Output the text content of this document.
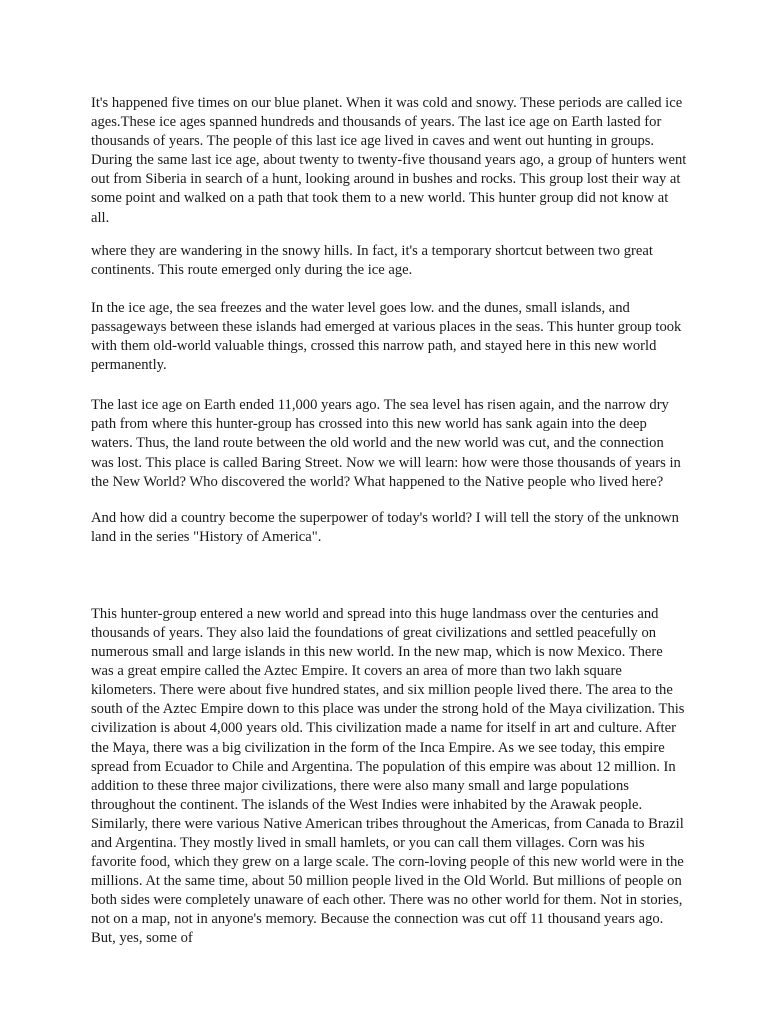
It's happened five times on our blue planet. When it was cold and snowy. These periods are called ice  ages.These ice ages spanned hundreds and thousands of years. The last ice age on Earth lasted for thousands of years. The people of this last ice age lived in caves and went out hunting in groups. During the same last ice age, about twenty to twenty-five thousand years ago, a group of hunters went out from Siberia in search of a hunt, looking around in bushes and rocks. This group lost their way at some point and walked on a path that took them to a new world. This hunter group did not know at all.

where they are wandering in the snowy hills. In fact, it's a temporary shortcut between two great continents. This route emerged only during the ice age.

In the ice age, the sea freezes and the water level goes low. and the dunes, small islands, and passageways between these islands had emerged at various places in the seas. This hunter group took with them old-world valuable things, crossed this narrow path, and stayed here in this new world permanently.

The last ice age on Earth ended 11,000 years ago. The sea level has risen again, and the narrow dry path from where this hunter-group has crossed into this new world has sank again into the deep waters. Thus, the land route between the old world and the new world was cut, and the connection was lost. This place is called Baring Street. Now we will learn: how were those thousands of years in the New World? Who discovered the world? What happened to the Native people who lived here?

And how did a country become the superpower of today's world? I will tell the story of the unknown land in the series "History of America".

This hunter-group entered a new world and spread into this huge landmass over the centuries and thousands of years. They also laid the foundations of great civilizations and settled peacefully on numerous small and large islands in this new world. In the new map, which is now Mexico. There was a great empire called the Aztec Empire. It covers an area of more than two lakh square kilometers. There were about five hundred states, and six million people lived there. The area to the south of the Aztec Empire down to this place was under the strong hold of the Maya civilization. This civilization is about 4,000 years old. This civilization made a name for itself in art and culture. After the Maya, there was a big civilization in the form of the Inca Empire. As we see today, this empire spread from Ecuador to Chile and Argentina. The population of this empire was about 12 million. In addition to these three major civilizations, there were also many small and large populations throughout the continent. The islands of the West Indies were inhabited by the Arawak people. Similarly, there were various Native American tribes throughout the Americas, from Canada to Brazil and Argentina. They mostly lived in small hamlets, or you can call them villages. Corn was his favorite food, which they grew on a large scale. The corn-loving people of this new world were in the millions. At the same time, about 50 million people lived in the Old World. But millions of people on both sides were completely unaware of each other. There was no other world for them. Not in stories, not on a map, not in anyone's memory. Because the connection was cut off 11 thousand years ago. But, yes, some of
